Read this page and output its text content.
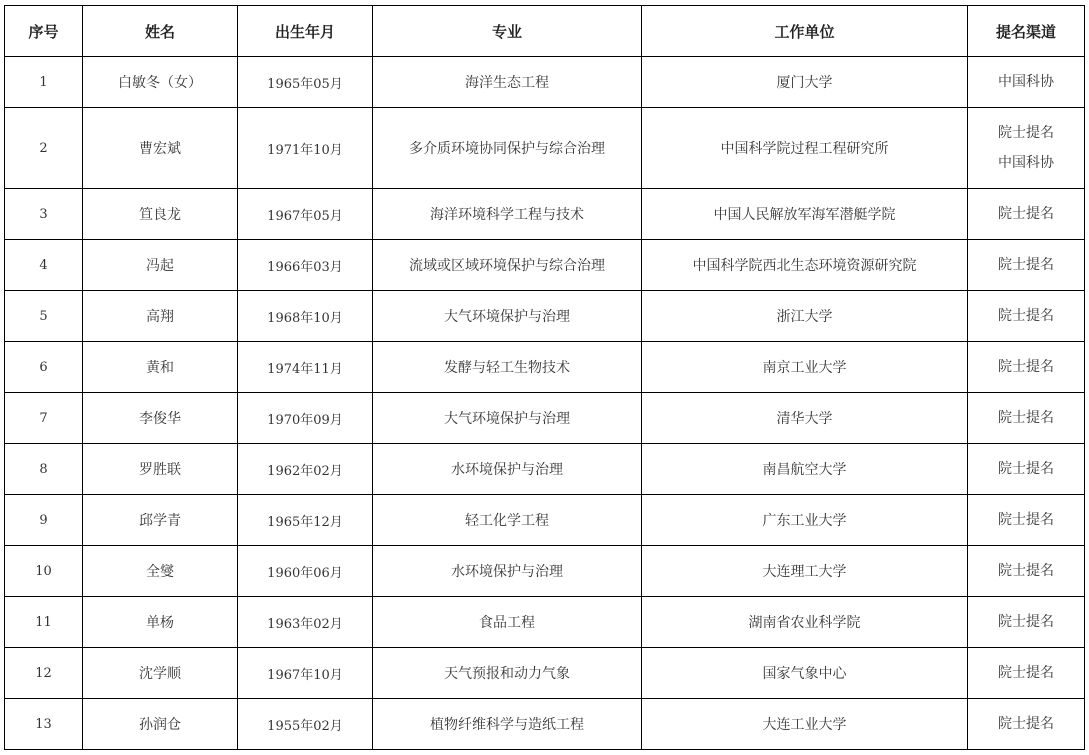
序号	姓名	出生年月	专业	工作单位	提名渠道
1	白敏冬（女）	1965年05月	海洋生态工程	厦门大学	中国科协

2	曹宏斌	1971年10月	多介质环境协同保护与综合治理	中国科学院过程工程研究所	院士提名
中国科协

3	笪良龙	1967年05月	海洋环境科学工程与技术	中国人民解放军海军潜艇学院	院士提名

4	冯起	1966年03月	流域或区域环境保护与综合治理	中国科学院西北生态环境资源研究院	院士提名

5	高翔	1968年10月	大气环境保护与治理	浙江大学	院士提名

6	黄和	1974年11月	发酵与轻工生物技术	南京工业大学	院士提名

7	李俊华	1970年09月	大气环境保护与治理	清华大学	院士提名

8	罗胜联	1962年02月	水环境保护与治理	南昌航空大学	院士提名

9	邱学青	1965年12月	轻工化学工程	广东工业大学	院士提名

10	全燮	1960年06月	水环境保护与治理	大连理工大学	院士提名

11	单杨	1963年02月	食品工程	湖南省农业科学院	院士提名

12	沈学顺	1967年10月	天气预报和动力气象	国家气象中心	院士提名

13	孙润仓	1955年02月	植物纤维科学与造纸工程	大连工业大学	院士提名
